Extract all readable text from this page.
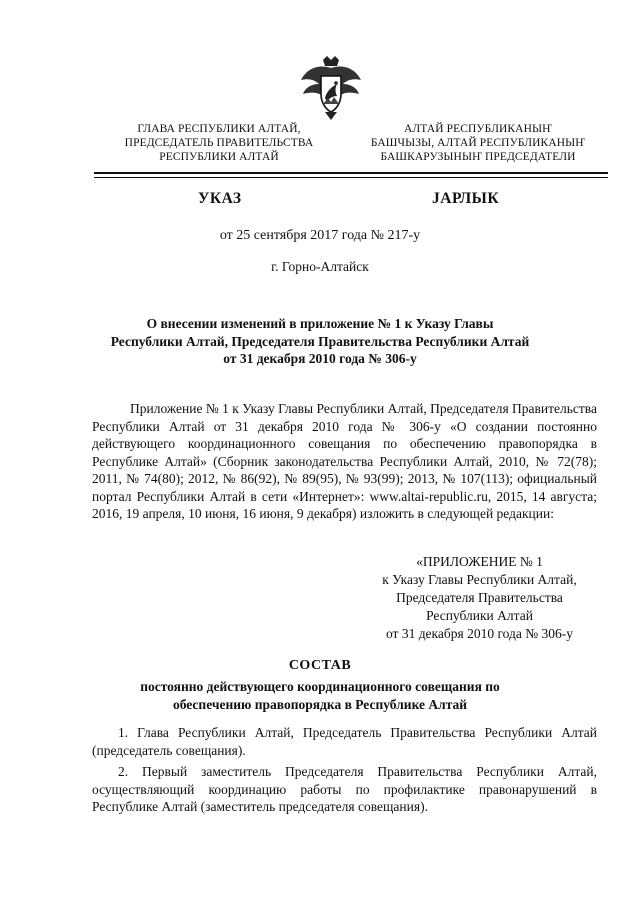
ГЛАВА РЕСПУБЛИКИ АЛТАЙ,
ПРЕДСЕДАТЕЛЬ ПРАВИТЕЛЬСТВА
РЕСПУБЛИКИ АЛТАЙ
АЛТАЙ РЕСПУБЛИКАНЫҤ
БАШЧЫЗЫ, АЛТАЙ РЕСПУБЛИКАНЫҤ
БАШКАРУЗЫНЫҤ ПРЕДСЕДАТЕЛИ
УКАЗ	JАРЛЫК
от 25 сентября 2017 года № 217-у
г. Горно-Алтайск
О внесении изменений в приложение № 1 к Указу Главы
Республики Алтай, Председателя Правительства Республики Алтай
от 31 декабря 2010 года № 306-у
Приложение № 1 к Указу Главы Республики Алтай, Председателя Правительства Республики Алтай от 31 декабря 2010 года № 306-у «О создании постоянно действующего координационного совещания по обеспечению правопорядка в Республике Алтай» (Сборник законодательства Республики Алтай, 2010, № 72(78); 2011, № 74(80); 2012, № 86(92), № 89(95), № 93(99); 2013, № 107(113); официальный портал Республики Алтай в сети «Интернет»: www.altai-republic.ru, 2015, 14 августа; 2016, 19 апреля, 10 июня, 16 июня, 9 декабря) изложить в следующей редакции:
«ПРИЛОЖЕНИЕ № 1
к Указу Главы Республики Алтай,
Председателя Правительства
Республики Алтай
от 31 декабря 2010 года № 306-у
СОСТАВ
постоянно действующего координационного совещания по
обеспечению правопорядка в Республике Алтай

1. Глава Республики Алтай, Председатель Правительства Республики Алтай (председатель совещания).

2. Первый заместитель Председателя Правительства Республики Алтай, осуществляющий координацию работы по профилактике правонарушений в Республике Алтай (заместитель председателя совещания).
